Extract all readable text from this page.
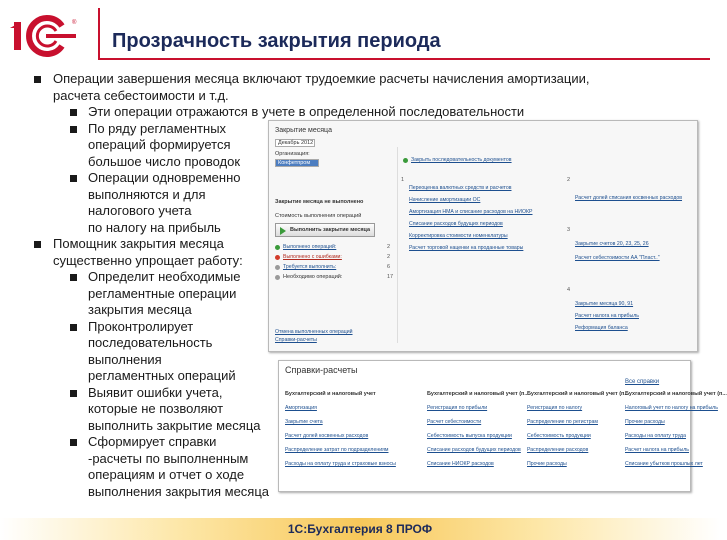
®
Прозрачность закрытия периода
Операции завершения месяца включают трудоемкие расчеты начисления амортизации,
расчета себестоимости и т.д.
Эти операции отражаются в учете в определенной последовательности
По ряду регламентных
операций формируется
большое число проводок
Операции одновременно
выполняются и для
налогового учета
по налогу на прибыль
Помощник закрытия месяца
существенно упрощает работу:
Определит необходимые
регламентные операции
закрытия месяца
Проконтролирует
последовательность
выполнения
регламентных операций
Выявит ошибки учета,
которые не позволяют
выполнить закрытие месяца
Сформирует справки
-расчеты по выполненным
операциям и отчет о ходе
выполнения закрытия месяца
Закрытие месяца
Декабрь 2012
Организация:
Конфетпром
Закрытие месяца не выполнено
Стоимость выполнения операций
Выполнить закрытие месяца
Выполнено операций:	2
Выполнено с ошибками:	2
Требуется выполнить:	6
Необходимо операций:	17
Отмена выполненных операций
Справки-расчеты
Закрыть последовательность документов
1	2
3
4
Переоценка валютных средств и расчетов
Начисление амортизации ОС
Амортизация НМА и списание расходов на НИОКР
Списание расходов будущих периодов
Корректировка стоимости номенклатуры
Расчет торговой наценки на проданные товары
Расчет долей списания косвенных расходов
Закрытие счетов 20, 23, 25, 26
Расчет себестоимости АА "Пласт.."
Закрытие месяца 90, 91
Расчет налога на прибыль
Реформация баланса
Справки-расчеты
Все справки
Бухгалтерский и налоговый учет
Амортизация
Закрытие счета
Расчет долей косвенных расходов
Распределение затрат по подразделениям
Расходы на оплату труда и страховые взносы
Бухгалтерский и налоговый учет (п...
Регистрация по прибыли
Расчет себестоимости
Себестоимость выпуска продукции
Списание расходов будущих периодов
Списание НИОКР расходов
Бухгалтерский и налоговый учет (п...
Регистрация по налогу
Распределение по регистрам
Себестоимость продукции
Распределение расходов
Прочие расходы
Бухгалтерский и налоговый учет (п...
Налоговый учет по налогу на прибыль
Прочие расходы
Расходы на оплату труда
Расчет налога на прибыль
Списание убытков прошлых лет
1С:Бухгалтерия 8 ПРОФ
